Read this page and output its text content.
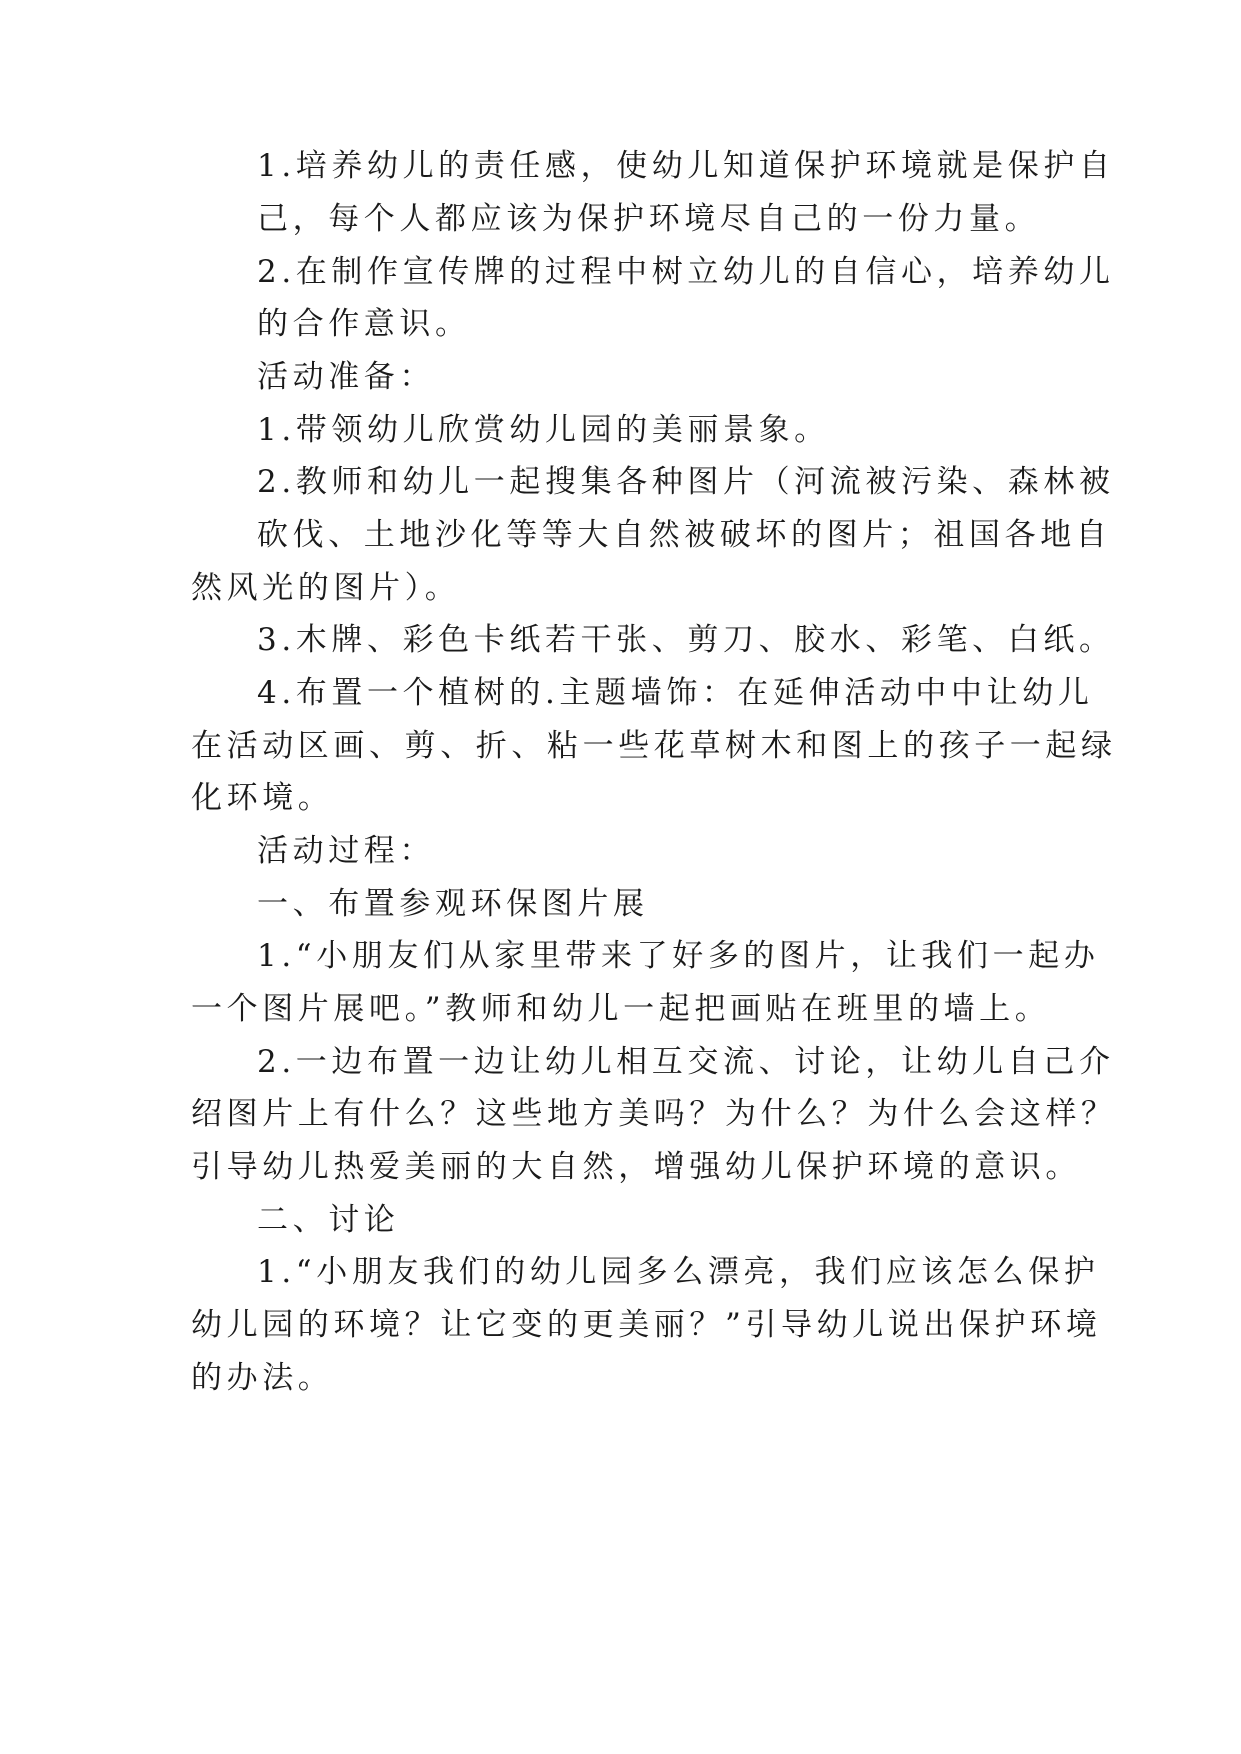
1.培养幼儿的责任感，使幼儿知道保护环境就是保护自
己，每个人都应该为保护环境尽自己的一份力量。
2.在制作宣传牌的过程中树立幼儿的自信心，培养幼儿
的合作意识。
活动准备：
1.带领幼儿欣赏幼儿园的美丽景象。
2.教师和幼儿一起搜集各种图片（河流被污染、森林被
砍伐、土地沙化等等大自然被破坏的图片；祖国各地自
然风光的图片）。
3.木牌、彩色卡纸若干张、剪刀、胶水、彩笔、白纸。
4.布置一个植树的.主题墙饰：在延伸活动中中让幼儿
在活动区画、剪、折、粘一些花草树木和图上的孩子一起绿
化环境。
活动过程：
一、布置参观环保图片展
1.“小朋友们从家里带来了好多的图片，让我们一起办
一个图片展吧。”教师和幼儿一起把画贴在班里的墙上。
2.一边布置一边让幼儿相互交流、讨论，让幼儿自己介
绍图片上有什么？这些地方美吗？为什么？为什么会这样？
引导幼儿热爱美丽的大自然，增强幼儿保护环境的意识。
二、讨论
1.“小朋友我们的幼儿园多么漂亮，我们应该怎么保护
幼儿园的环境？让它变的更美丽？”引导幼儿说出保护环境
的办法。
